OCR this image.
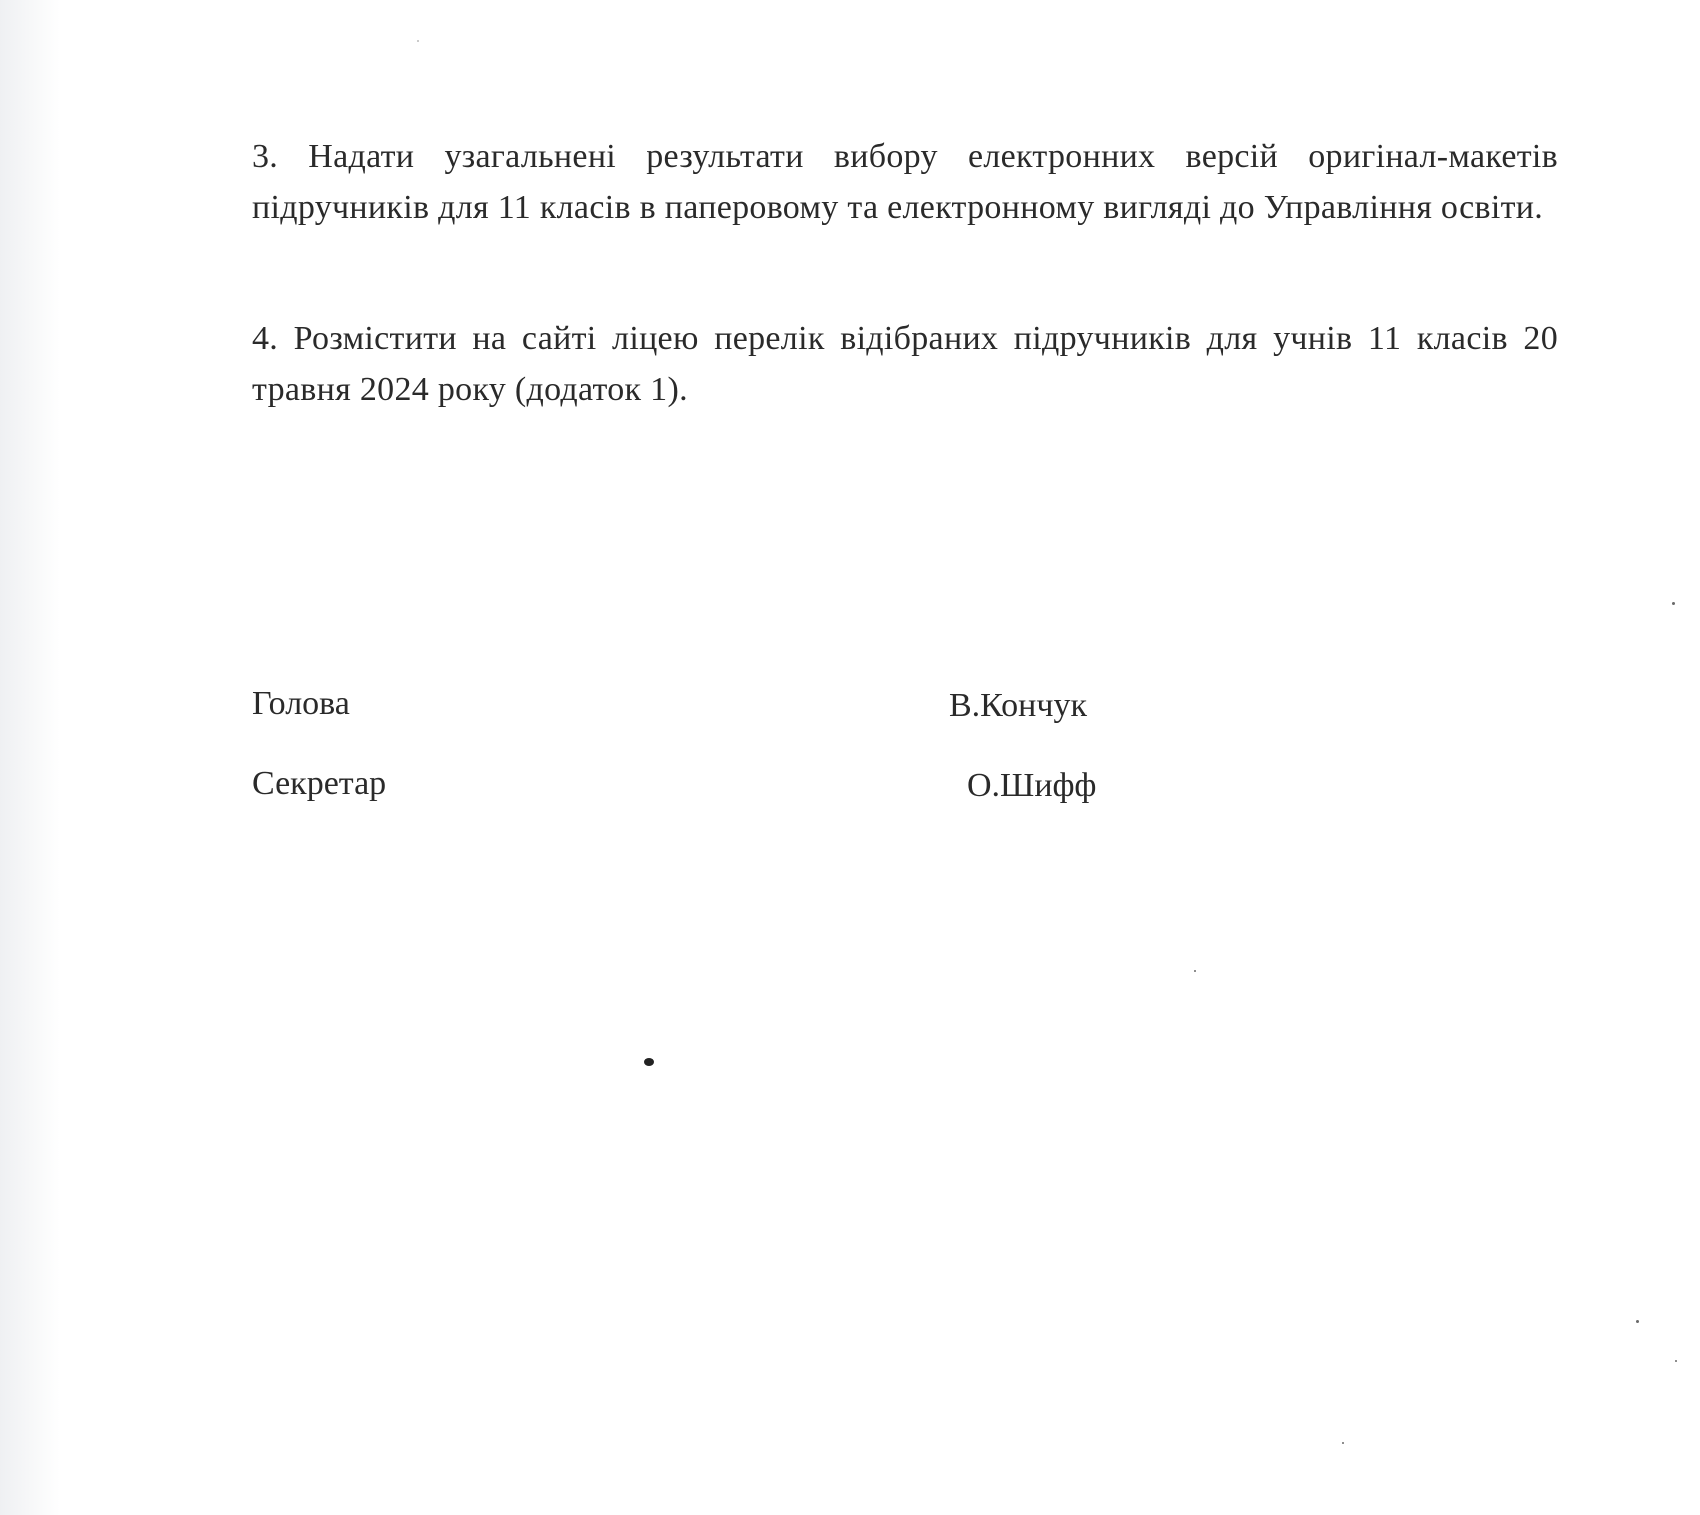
3. Надати узагальнені результати вибору електронних версій оригінал-макетів підручників для 11 класів в паперовому та електронному вигляді до Управління освіти.

4. Розмістити на сайті ліцею перелік відібраних підручників для учнів 11 класів 20 травня 2024 року (додаток 1).

Голова	В.Кончук
Секретар	О.Шифф
